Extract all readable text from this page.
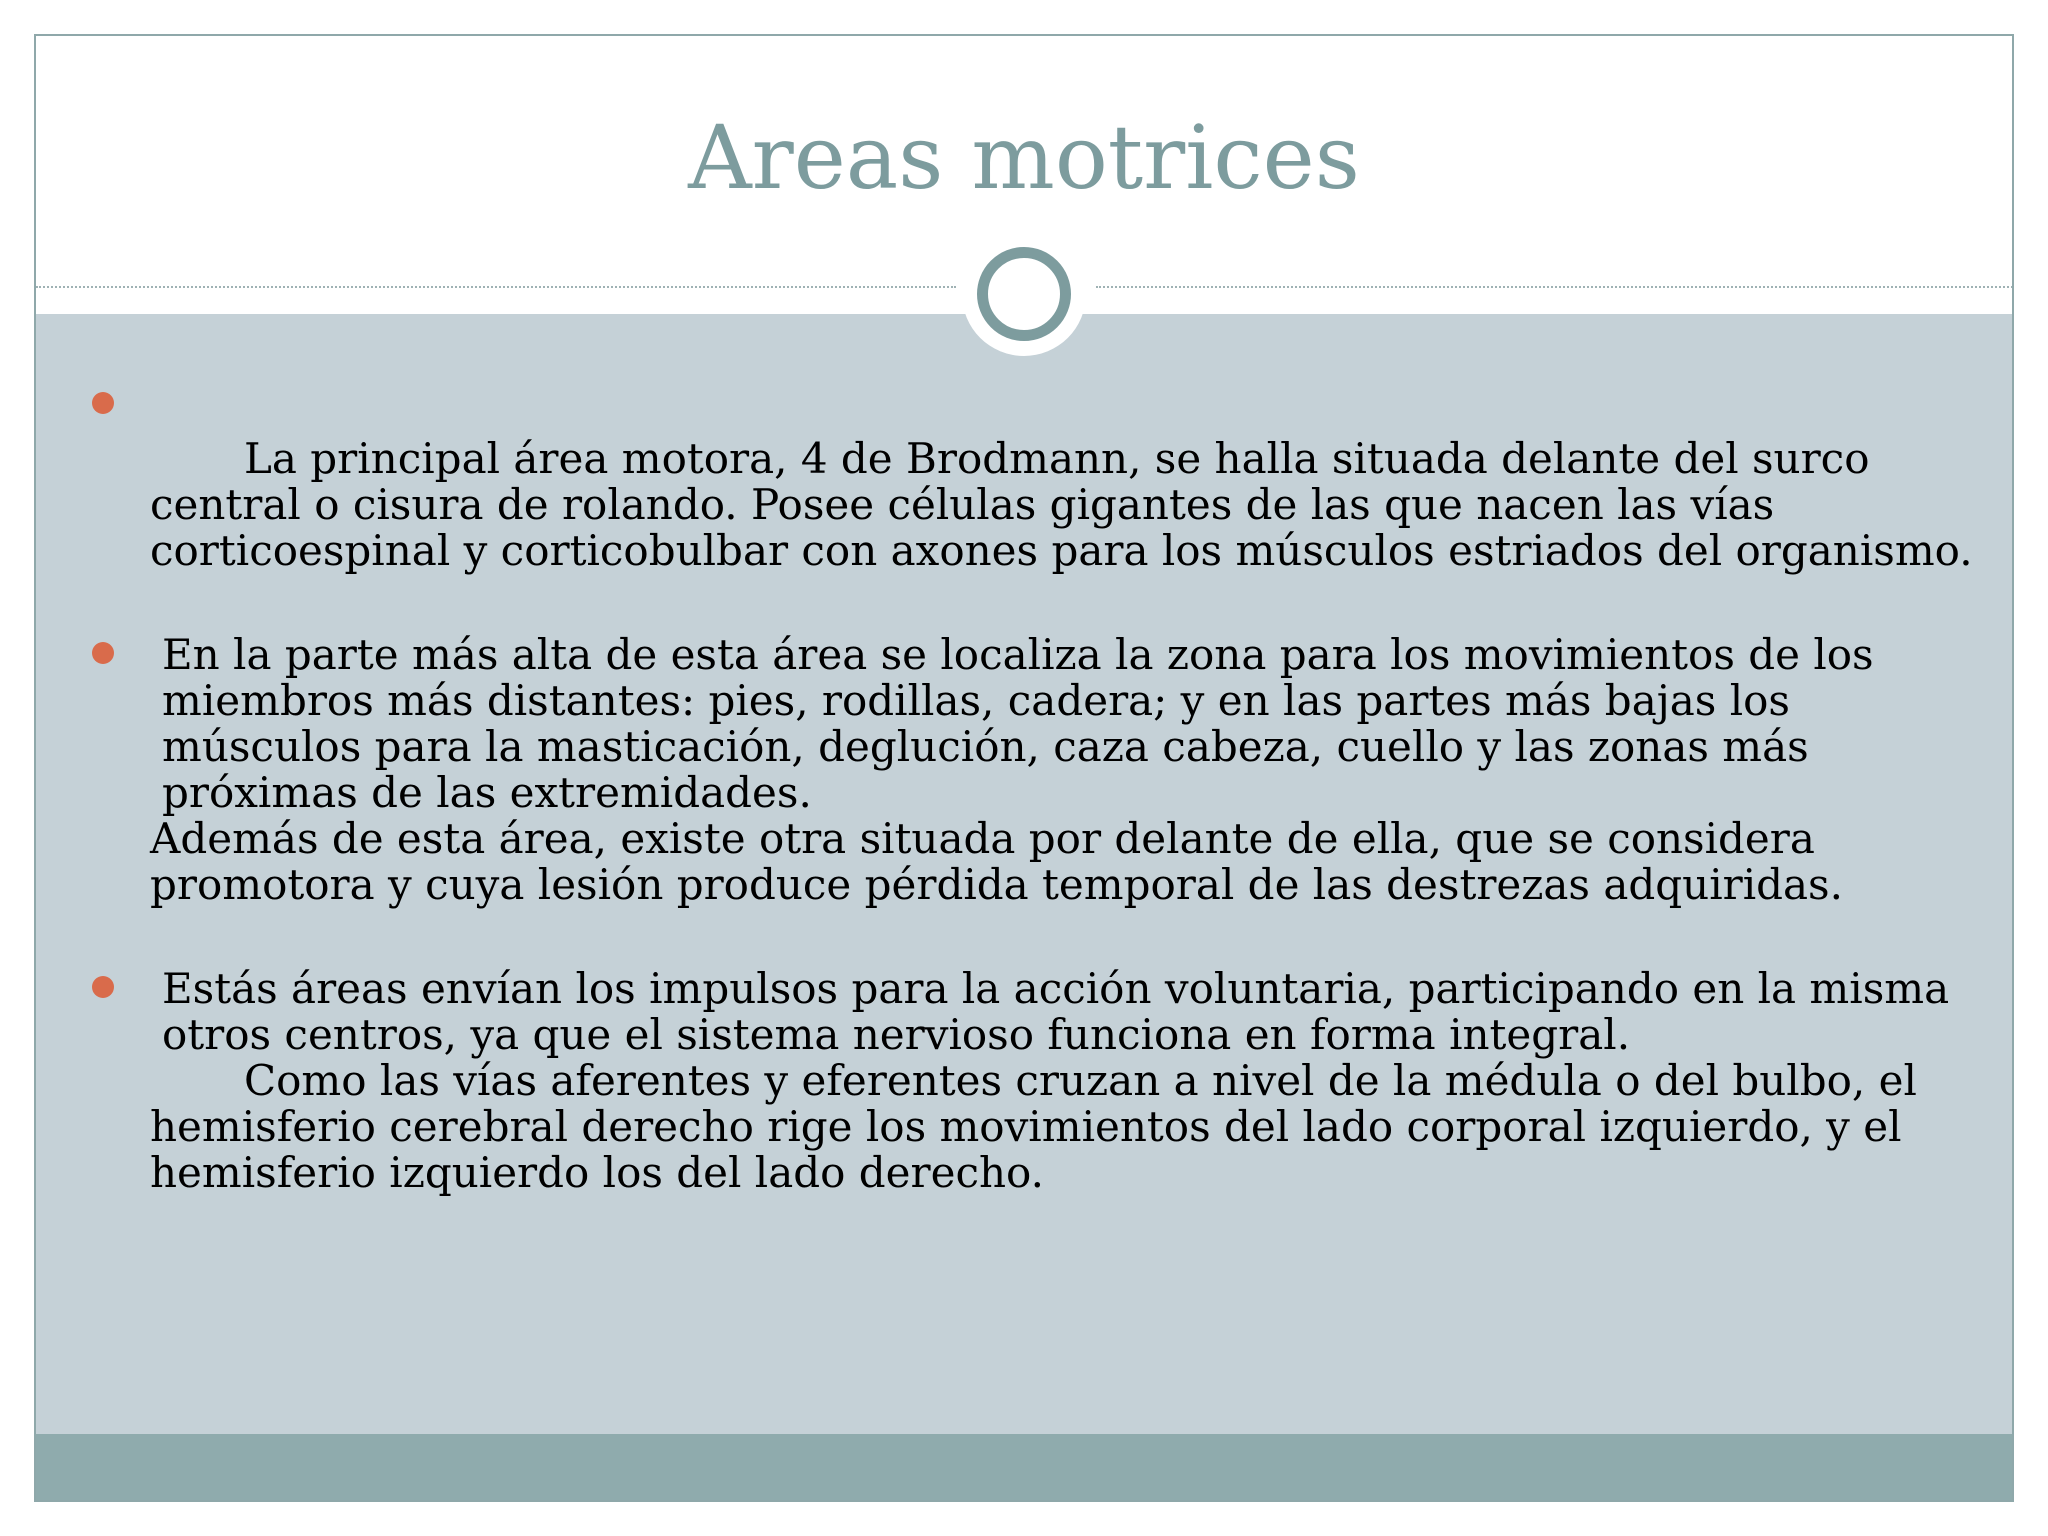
Areas motrices

La principal área motora, 4 de Brodmann, se halla situada delante del surco central o cisura de rolando. Posee células gigantes de las que nacen las vías corticoespinal y corticobulbar con axones para los músculos estriados del organismo.

En la parte más alta de esta área se localiza la zona para los movimientos de los miembros más distantes: pies, rodillas, cadera; y en las partes más bajas los músculos para la masticación, deglución, caza cabeza, cuello y las zonas más próximas de las extremidades.

Además de esta área, existe otra situada por delante de ella, que se considera promotora y cuya lesión produce pérdida temporal de las destrezas adquiridas.

Estás áreas envían los impulsos para la acción voluntaria, participando en la misma otros centros, ya que el sistema nervioso funciona en forma integral.

Como las vías aferentes y eferentes cruzan a nivel de la médula o del bulbo, el hemisferio cerebral derecho rige los movimientos del lado corporal izquierdo, y el hemisferio izquierdo los del lado derecho.
